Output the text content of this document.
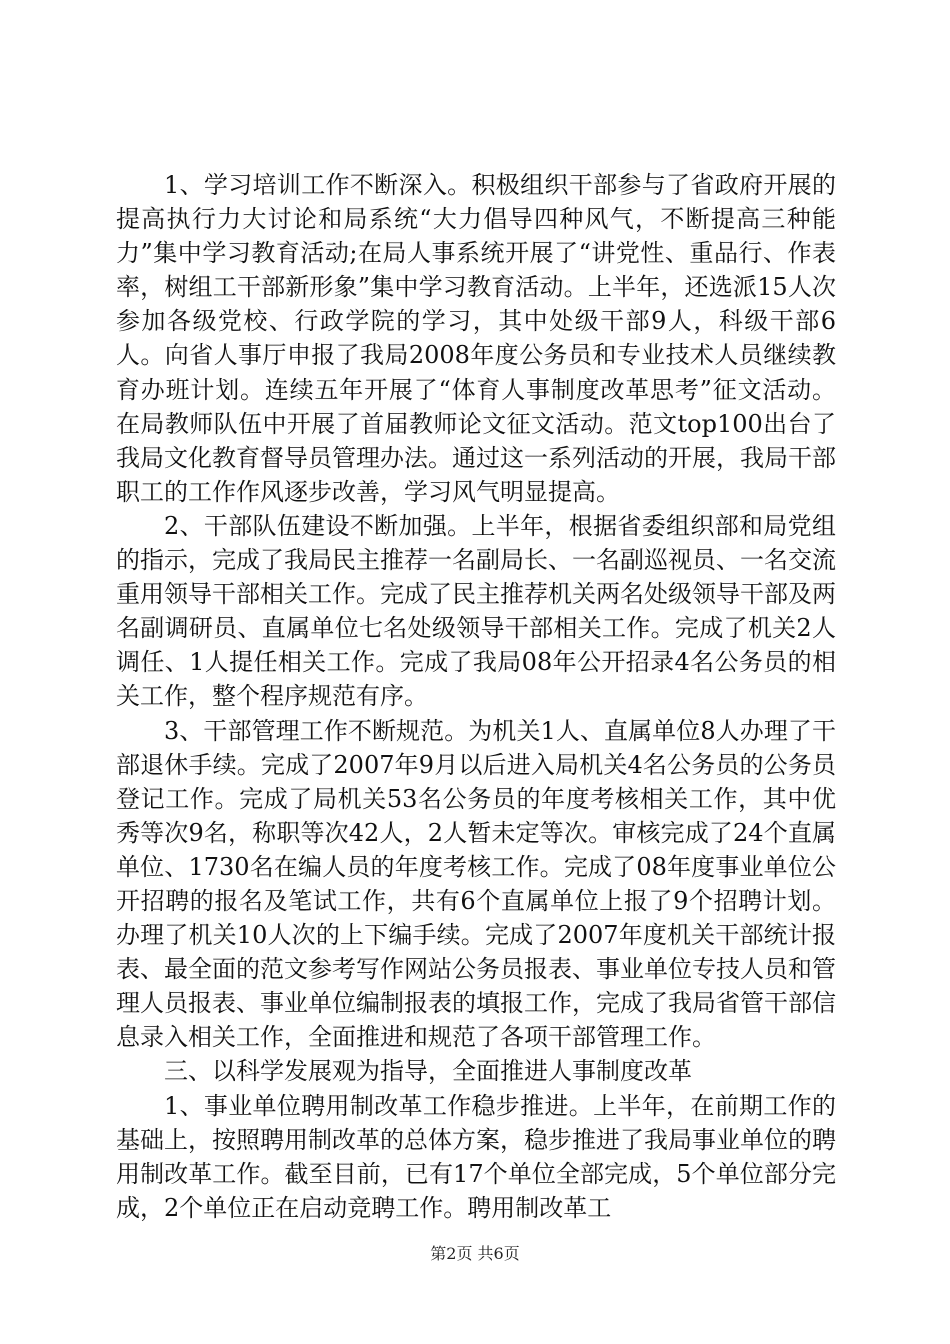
1、学习培训工作不断深入。积极组织干部参与了省政府开展的提高执行力大讨论和局系统“大力倡导四种风气，不断提高三种能力”集中学习教育活动;在局人事系统开展了“讲党性、重品行、作表率，树组工干部新形象”集中学习教育活动。上半年，还选派15人次参加各级党校、行政学院的学习，其中处级干部9人，科级干部6人。向省人事厅申报了我局2008年度公务员和专业技术人员继续教育办班计划。连续五年开展了“体育人事制度改革思考”征文活动。在局教师队伍中开展了首届教师论文征文活动。范文top100出台了我局文化教育督导员管理办法。通过这一系列活动的开展，我局干部职工的工作作风逐步改善，学习风气明显提高。

2、干部队伍建设不断加强。上半年，根据省委组织部和局党组的指示，完成了我局民主推荐一名副局长、一名副巡视员、一名交流重用领导干部相关工作。完成了民主推荐机关两名处级领导干部及两名副调研员、直属单位七名处级领导干部相关工作。完成了机关2人调任、1人提任相关工作。完成了我局08年公开招录4名公务员的相关工作，整个程序规范有序。

3、干部管理工作不断规范。为机关1人、直属单位8人办理了干部退休手续。完成了2007年9月以后进入局机关4名公务员的公务员登记工作。完成了局机关53名公务员的年度考核相关工作，其中优秀等次9名，称职等次42人，2人暂未定等次。审核完成了24个直属单位、1730名在编人员的年度考核工作。完成了08年度事业单位公开招聘的报名及笔试工作，共有6个直属单位上报了9个招聘计划。办理了机关10人次的上下编手续。完成了2007年度机关干部统计报表、最全面的范文参考写作网站公务员报表、事业单位专技人员和管理人员报表、事业单位编制报表的填报工作，完成了我局省管干部信息录入相关工作，全面推进和规范了各项干部管理工作。

三、以科学发展观为指导，全面推进人事制度改革

1、事业单位聘用制改革工作稳步推进。上半年，在前期工作的基础上，按照聘用制改革的总体方案，稳步推进了我局事业单位的聘用制改革工作。截至目前，已有17个单位全部完成，5个单位部分完成，2个单位正在启动竞聘工作。聘用制改革工

第2页 共6页
